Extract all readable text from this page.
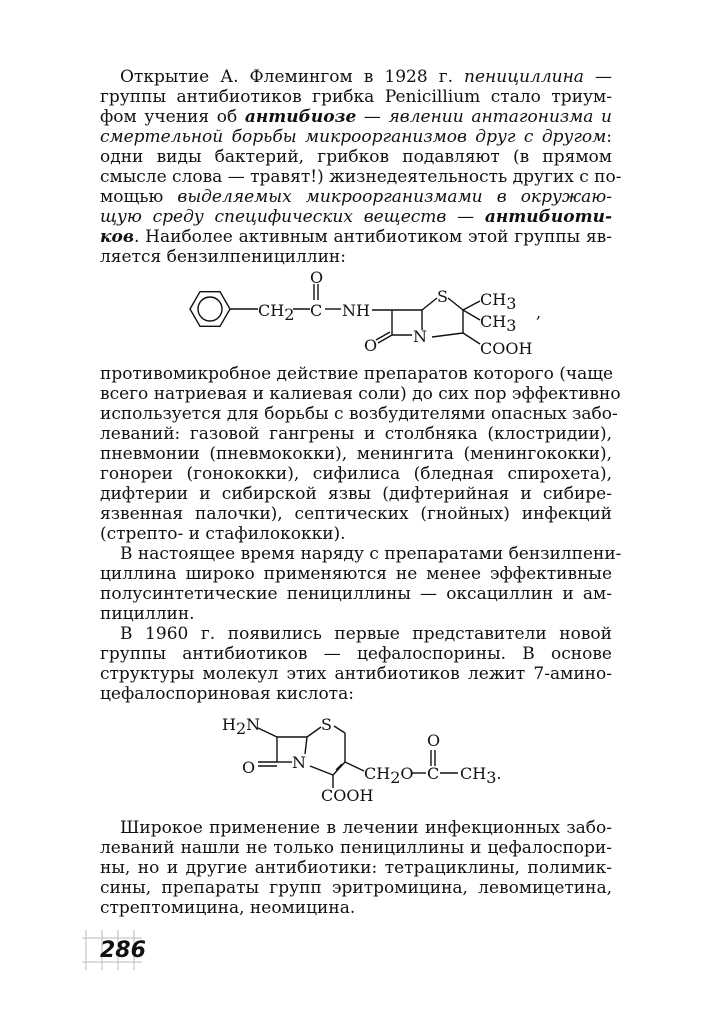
Открытие А. Флемингом в 1928 г. пенициллина —
группы антибиотиков грибка Penicillium стало триум-
фом учения об антибиозе — явлении антагонизма и
смертельной борьбы микроорганизмов друг с другом:
одни виды бактерий, грибков подавляют (в прямом
смысле слова — травят!) жизнедеятельность других с по-
мощью выделяемых микроорганизмами в окружаю-
щую среду специфических веществ — антибиоти-
ков. Наиболее активным антибиотиком этой группы яв-
ляется бензилпенициллин:
противомикробное действие препаратов которого (чаще
всего натриевая и калиевая соли) до сих пор эффективно
используется для борьбы с возбудителями опасных забо-
леваний: газовой гангрены и столбняка (клостридии),
пневмонии (пневмококки), менингита (менингококки),
гонореи (гонококки), сифилиса (бледная спирохета),
дифтерии и сибирской язвы (дифтерийная и сибире-
язвенная палочки), септических (гнойных) инфекций
(стрепто- и стафилококки).
В настоящее время наряду с препаратами бензилпени-
циллина широко применяются не менее эффективные
полусинтетические пенициллины — оксациллин и ам-
пициллин.
В 1960 г. появились первые представители новой
группы антибиотиков — цефалоспорины. В основе
структуры молекул этих антибиотиков лежит 7-амино-
цефалоспориновая кислота:
Широкое применение в лечении инфекционных забо-
леваний нашли не только пенициллины и цефалоспори-
ны, но и другие антибиотики: тетрациклины, полимик-
сины, препараты групп эритромицина, левомицетина,
стрептомицина, неомицина.
O
CH2 C NH
S CH3
CH3
N
O	COOH
,
H2N	S
N
O
COOH
CH2O C
O
CH3.
286
